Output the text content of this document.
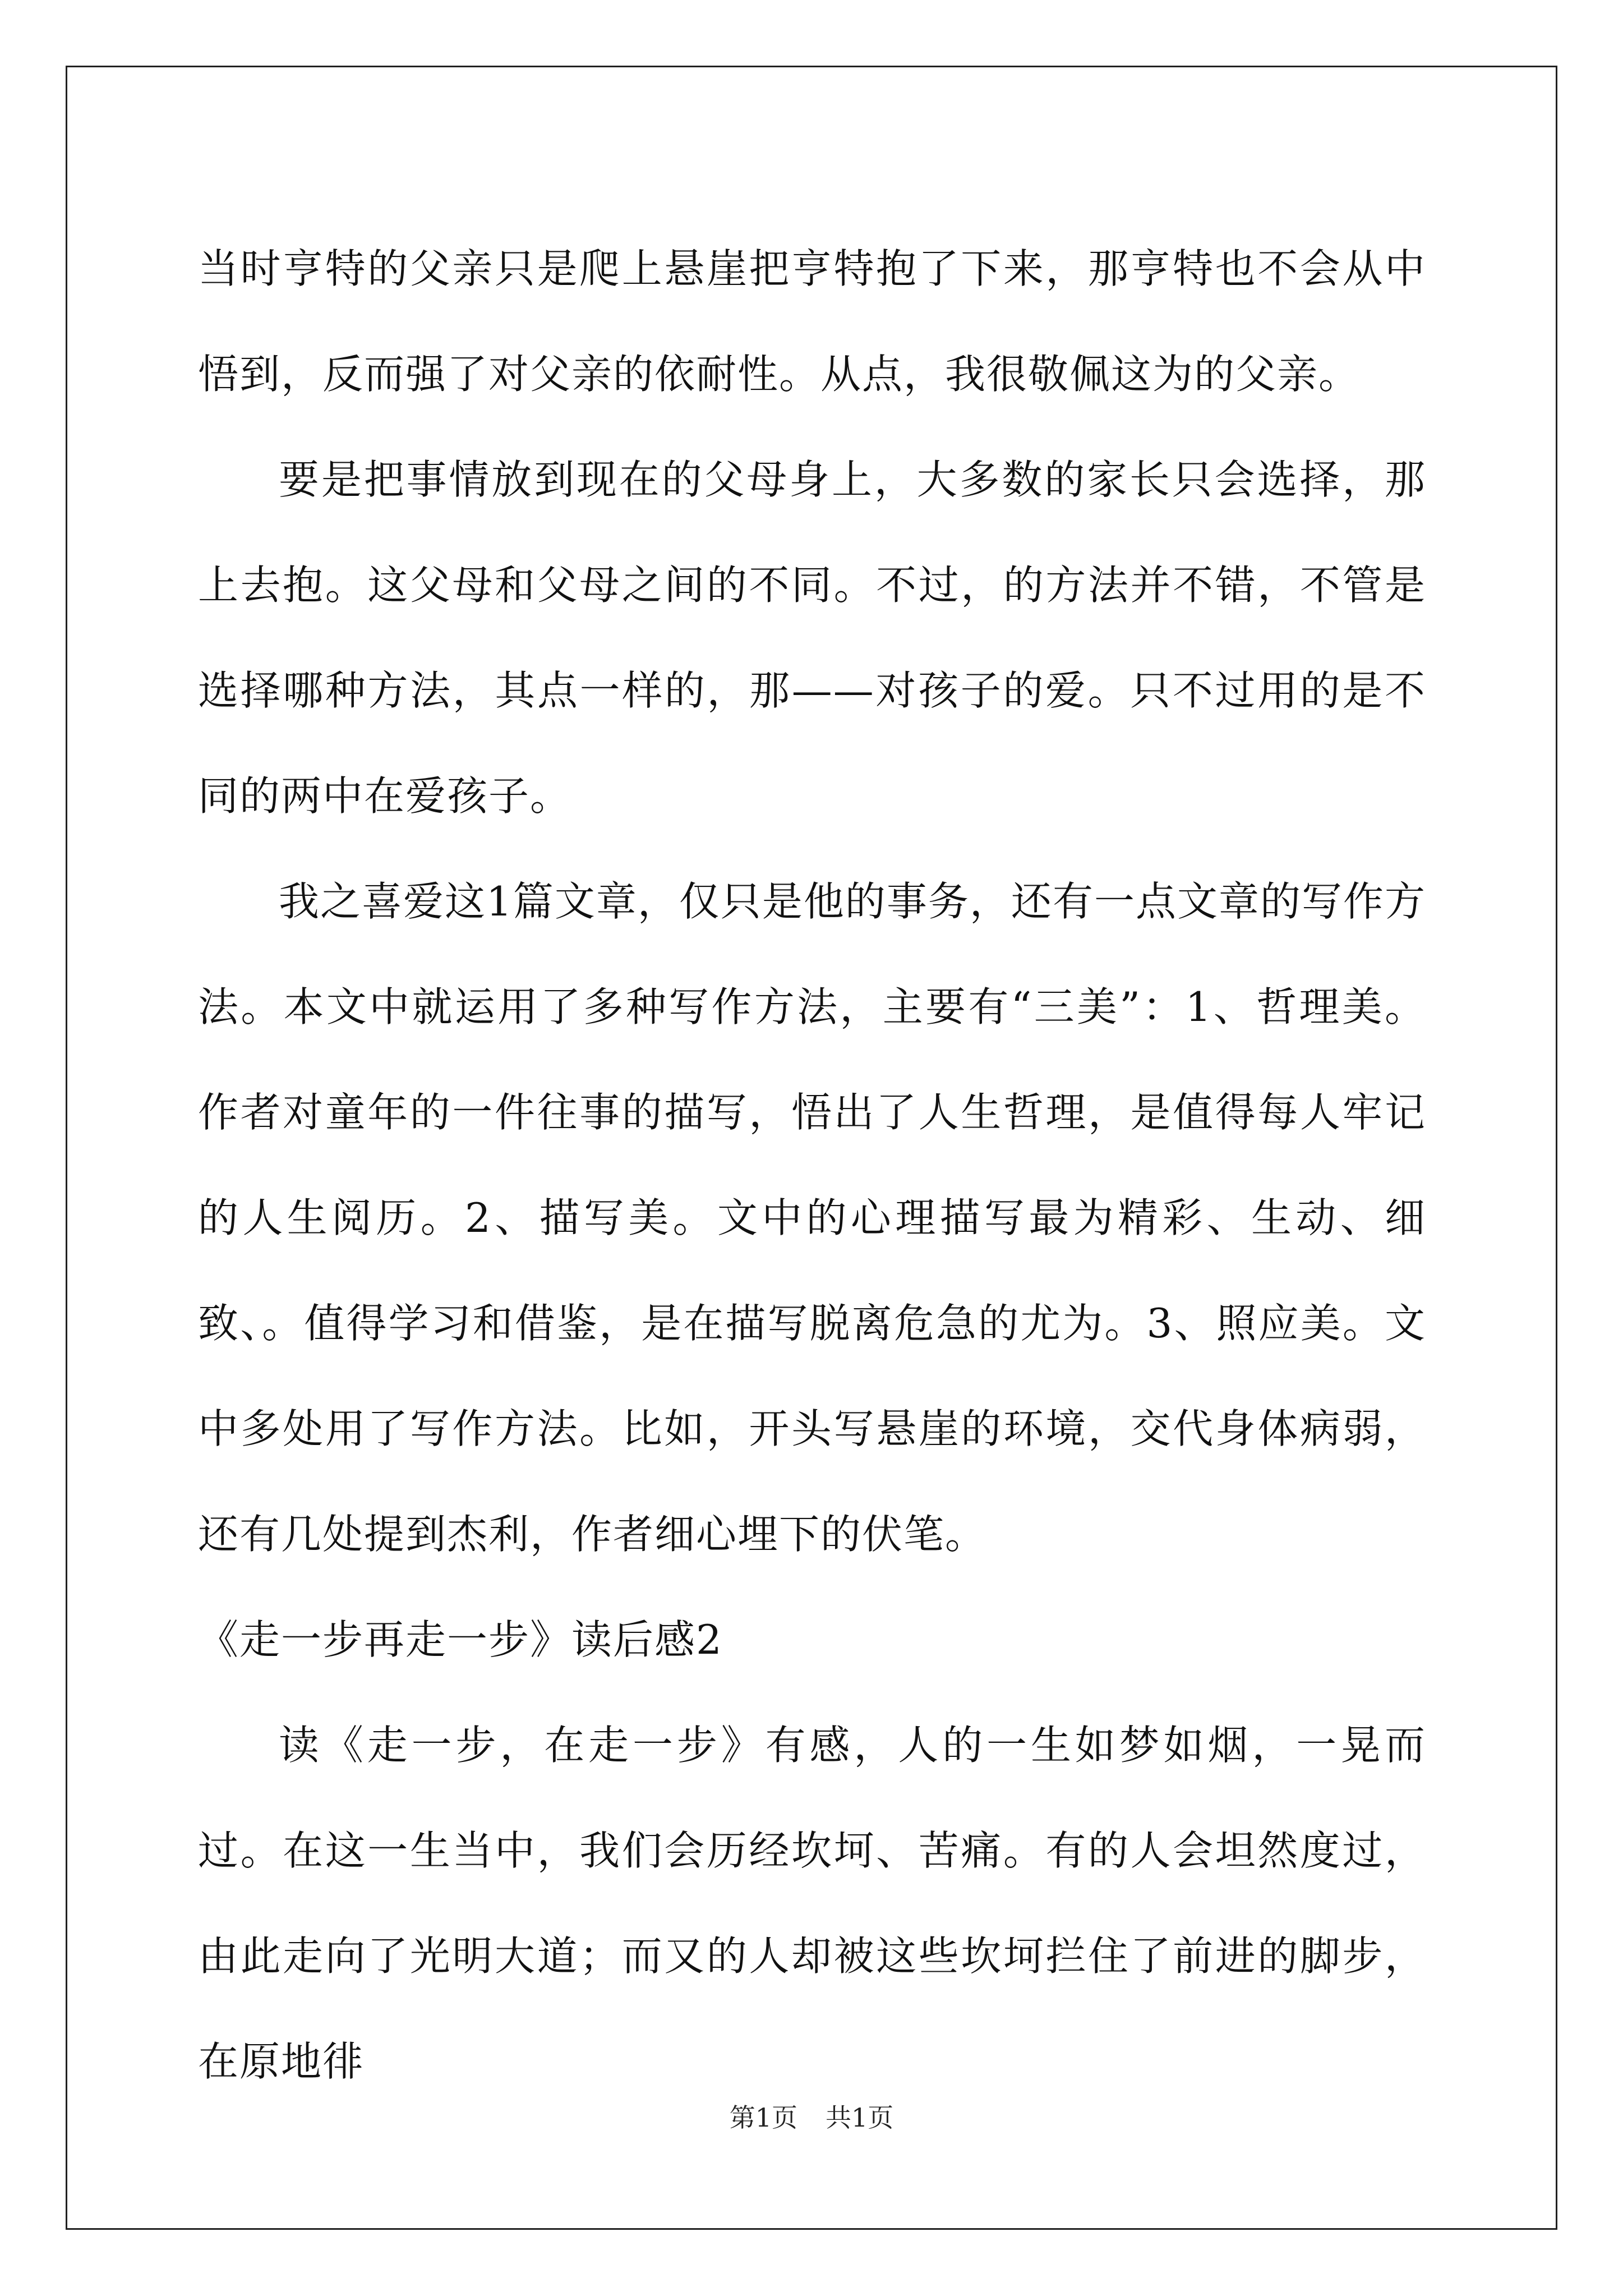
当时亨特的父亲只是爬上悬崖把亨特抱了下来，那亨特也不会从中悟到，反而强了对父亲的依耐性。从点，我很敬佩这为的父亲。

要是把事情放到现在的父母身上，大多数的家长只会选择，那上去抱。这父母和父母之间的不同。不过，的方法并不错，不管是选择哪种方法，其点一样的，那——对孩子的爱。只不过用的是不同的两中在爱孩子。

我之喜爱这1篇文章，仅只是他的事务，还有一点文章的写作方法。本文中就运用了多种写作方法，主要有“三美”：1、哲理美。作者对童年的一件往事的描写，悟出了人生哲理，是值得每人牢记的人生阅历。2、描写美。文中的心理描写最为精彩、生动、细致、。值得学习和借鉴，是在描写脱离危急的尤为。3、照应美。文中多处用了写作方法。比如，开头写悬崖的环境，交代身体病弱，还有几处提到杰利，作者细心埋下的伏笔。

《走一步再走一步》读后感2

读《走一步，在走一步》有感，人的一生如梦如烟，一晃而过。在这一生当中，我们会历经坎坷、苦痛。有的人会坦然度过，由此走向了光明大道；而又的人却被这些坎坷拦住了前进的脚步，在原地徘

第1页 共1页
